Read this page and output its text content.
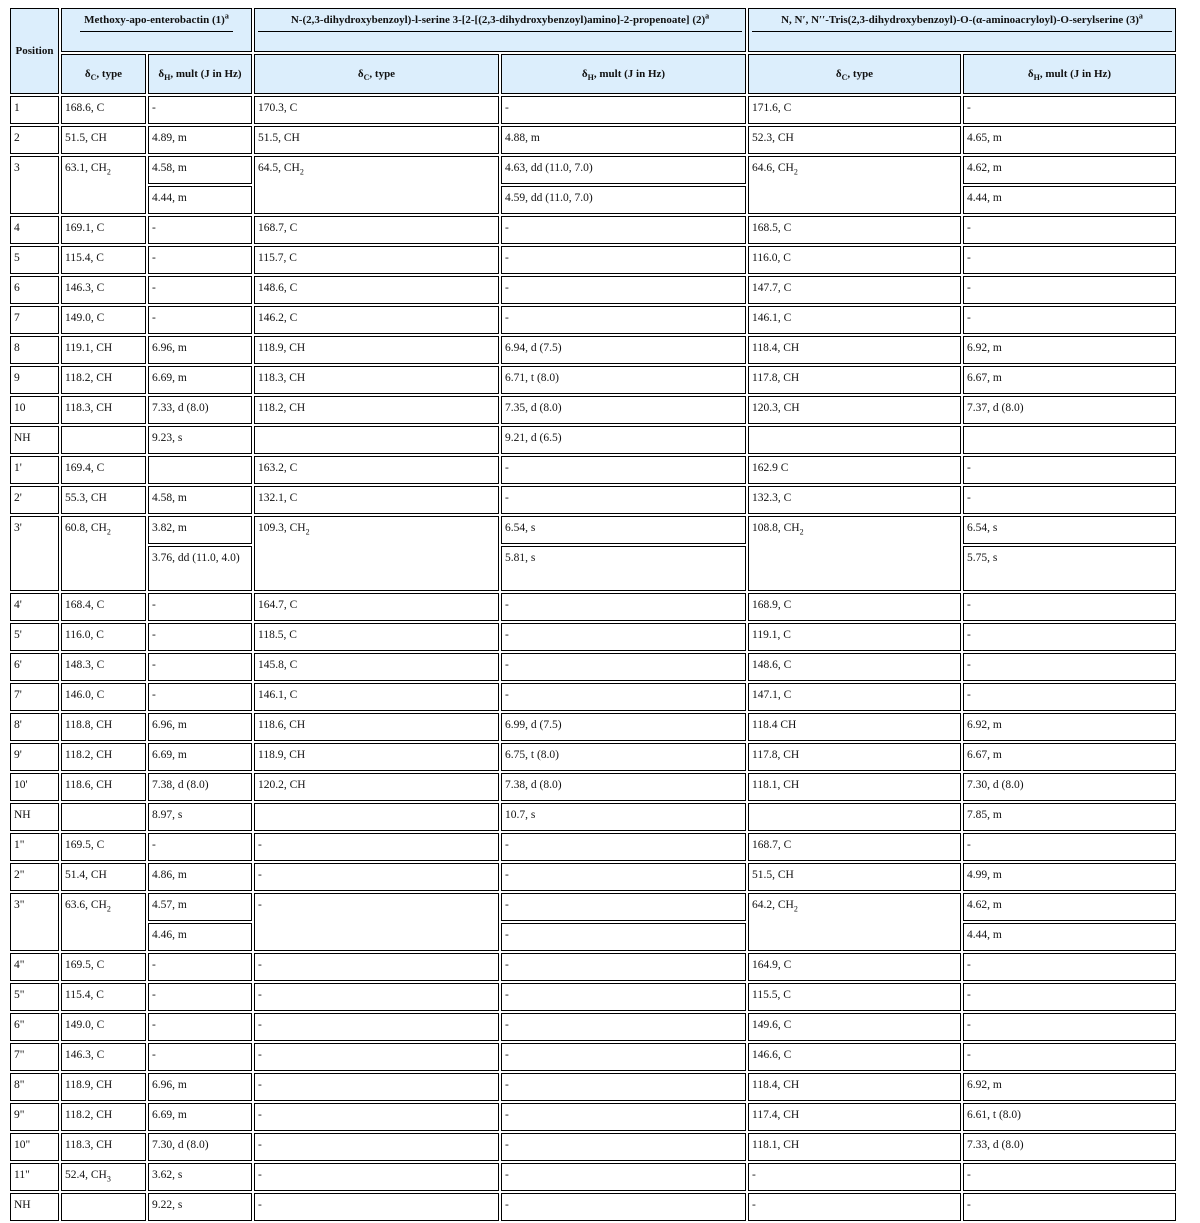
Position	Methoxy-apo-enterobactin $(1)^a$		N-(2,3-dihydroxybenzoyl)-l-serine 3-[2-[(2,3-dihydroxybenzoyl)amino]-2-propenoate] $(2)^a$		N, N′, N′′-Tris(2,3-dihydroxybenzoyl)-O-(α-aminoacryloyl)-O-serylserine $(3)^a$

	$\delta_C$, type	$\delta_H$, mult (J in Hz)	$\delta_C$, type	$\delta_H$, mult (J in Hz)	$\delta_C$, type	$\delta_H$, mult (J in Hz)
1	168.6, C	-	170.3, C	-	171.6, C	-
2	51.5, CH	4.89, m	51.5, CH	4.88, m	52.3, CH	4.65, m
3	63.1, $CH_2$	4.58, m	64.5, $CH_2$	4.63, dd (11.0, 7.0)	64.6, $CH_2$	4.62, m
		4.44, m		4.59, dd (11.0, 7.0)		4.44, m
4	169.1, C	-	168.7, C	-	168.5, C	-
5	115.4, C	-	115.7, C	-	116.0, C	-
6	146.3, C	-	148.6, C	-	147.7, C	-
7	149.0, C	-	146.2, C	-	146.1, C	-
8	119.1, CH	6.96, m	118.9, CH	6.94, d (7.5)	118.4, CH	6.92, m
9	118.2, CH	6.69, m	118.3, CH	6.71, t (8.0)	117.8, CH	6.67, m
10	118.3, CH	7.33, d (8.0)	118.2, CH	7.35, d (8.0)	120.3, CH	7.37, d (8.0)
NH		9.23, s		9.21, d (6.5)		
1'	169.4, C		163.2, C	-	162.9 C	-
2'	55.3, CH	4.58, m	132.1, C	-	132.3, C	-
3'	60.8, $CH_2$	3.82, m	109.3, $CH_2$	6.54, s	108.8, $CH_2$	6.54, s
		3.76, dd (11.0, 4.0)		5.81, s		5.75, s
4'	168.4, C	-	164.7, C	-	168.9, C	-
5'	116.0, C	-	118.5, C	-	119.1, C	-
6'	148.3, C	-	145.8, C	-	148.6, C	-
7'	146.0, C	-	146.1, C	-	147.1, C	-
8'	118.8, CH	6.96, m	118.6, CH	6.99, d (7.5)	118.4 CH	6.92, m
9'	118.2, CH	6.69, m	118.9, CH	6.75, t (8.0)	117.8, CH	6.67, m
10'	118.6, CH	7.38, d (8.0)	120.2, CH	7.38, d (8.0)	118.1, CH	7.30, d (8.0)
NH		8.97, s		10.7, s		7.85, m
1"	169.5, C	-	-	-	168.7, C	-
2"	51.4, CH	4.86, m	-	-	51.5, CH	4.99, m
3"	63.6, $CH_2$	4.57, m	-	-	64.2, $CH_2$	4.62, m
		4.46, m		-		4.44, m
4"	169.5, C	-	-	-	164.9, C	-
5"	115.4, C	-	-	-	115.5, C	-
6"	149.0, C	-	-	-	149.6, C	-
7"	146.3, C	-	-	-	146.6, C	-
8"	118.9, CH	6.96, m	-	-	118.4, CH	6.92, m
9"	118.2, CH	6.69, m	-	-	117.4, CH	6.61, t (8.0)
10"	118.3, CH	7.30, d (8.0)	-	-	118.1, CH	7.33, d (8.0)
11"	52.4, $CH_3$	3.62, s	-	-	-	-
NH		9.22, s	-	-	-	-
